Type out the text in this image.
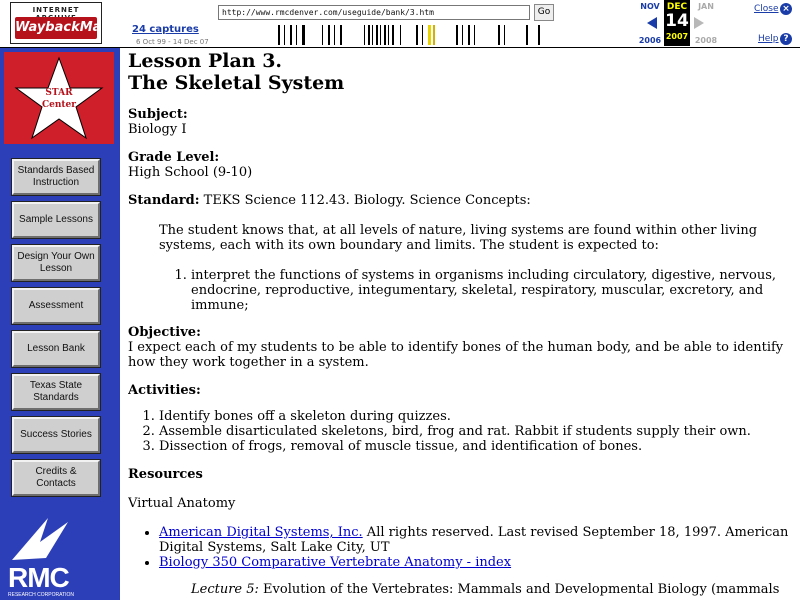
INTERNET
WaybackMachine
24 captures
6 Oct 99 - 14 Dec 07
http://www.rmcdenver.com/useguide/bank/3.htm	Go
NOV
2006
DEC
14
2007
JAN
2008
Close ×
Help ?
STAR
Center
Standards Based Instruction
Sample Lessons
Design Your Own Lesson
Assessment
Lesson Bank
Texas State Standards
Success Stories
Credits & Contacts
RMC
RESEARCH CORPORATION
Lesson Plan 3.
The Skeletal System
Subject:
Biology I
Grade Level:
High School (9-10)
Standard: TEKS Science 112.43. Biology. Science Concepts:

The student knows that, at all levels of nature, living systems are found within other living systems, each with its own boundary and limits. The student is expected to:

1. interpret the functions of systems in organisms including circulatory, digestive, nervous, endocrine, reproductive, integumentary, skeletal, respiratory, muscular, excretory, and immune;
Objective:
I expect each of my students to be able to identify bones of the human body, and be able to identify how they work together in a system.
Activities:
1. Identify bones off a skeleton during quizzes.
2. Assemble disarticulated skeletons, bird, frog and rat. Rabbit if students supply their own.
3. Dissection of frogs, removal of muscle tissue, and identification of bones.
Resources

Virtual Anatomy

• American Digital Systems, Inc. All rights reserved. Last revised September 18, 1997. American Digital Systems, Salt Lake City, UT
• Biology 350 Comparative Vertebrate Anatomy - index

Lecture 5: Evolution of the Vertebrates: Mammals and Developmental Biology (mammals
